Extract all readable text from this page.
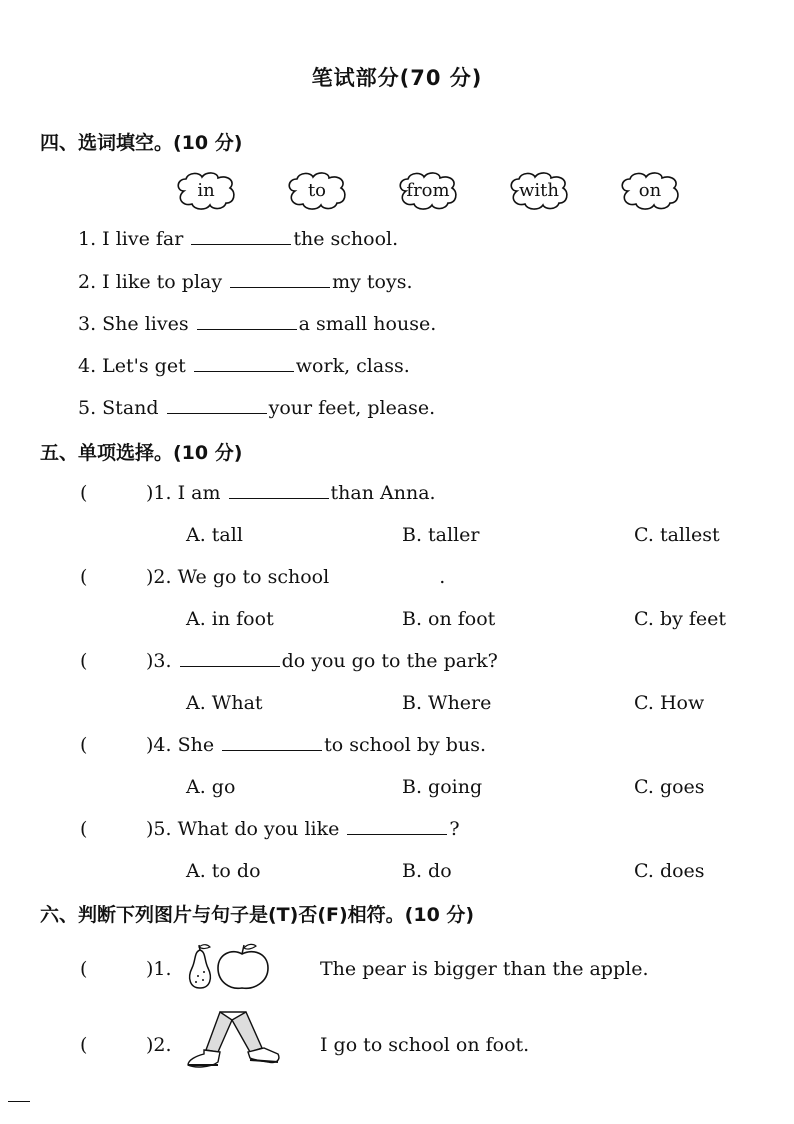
笔试部分(70 分)
四、选词填空。(10 分)
in	to	from	with	on
1. I live far	the school.
2. I like to play	my toys.
3. She lives	a small house.
4. Let's get	work, class.
5. Stand	your feet, please.
五、单项选择。(10 分)
(	)1. I am	than Anna.
A. tall	B. taller	C. tallest
(	)2. We go to school	.
A. in foot	B. on foot	C. by feet
(	)3.	do you go to the park?
A. What	B. Where	C. How
(	)4. She	to school by bus.
A. go	B. going	C. goes
(	)5. What do you like	?
A. to do	B. do	C. does
六、判断下列图片与句子是(T)否(F)相符。(10 分)
(	)1.	The pear is bigger than the apple.
(	)2.	I go to school on foot.
